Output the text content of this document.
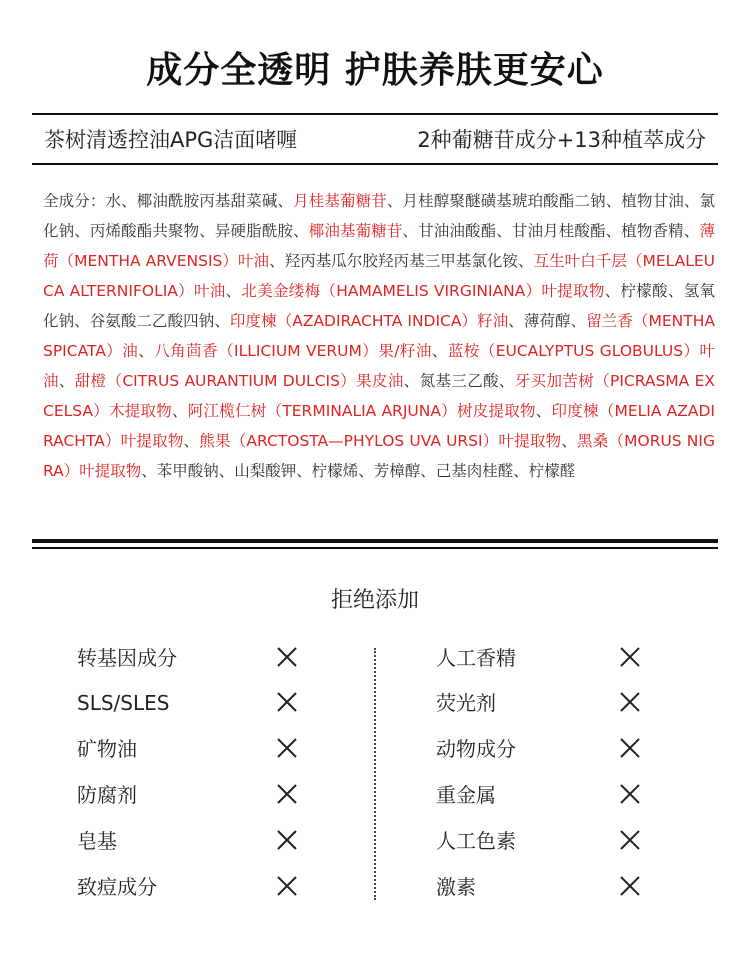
成分全透明 护肤养肤更安心
茶树清透控油APG洁面啫喱	2种葡糖苷成分+13种植萃成分
全成分：水、椰油酰胺丙基甜菜碱、月桂基葡糖苷、月桂醇聚醚磺基琥珀酸酯二钠、植物甘油、氯化钠、丙烯酸酯共聚物、异硬脂酰胺、椰油基葡糖苷、甘油油酸酯、甘油月桂酸酯、植物香精、薄荷（MENTHA ARVENSIS）叶油、羟丙基瓜尔胶羟丙基三甲基氯化铵、互生叶白千层（MELALEUCA ALTERNIFOLIA）叶油、北美金缕梅（HAMAMELIS VIRGINIANA）叶提取物、柠檬酸、氢氧化钠、谷氨酸二乙酸四钠、印度楝（AZADIRACHTA INDICA）籽油、薄荷醇、留兰香（MENTHA SPICATA）油、八角茴香（ILLICIUM VERUM）果/籽油、蓝桉（EUCALYPTUS GLOBULUS）叶油、甜橙（CITRUS AURANTIUM DULCIS）果皮油、氮基三乙酸、牙买加苦树（PICRASMA EXCELSA）木提取物、阿江榄仁树（TERMINALIA ARJUNA）树皮提取物、印度楝（MELIA AZADIRACHTA）叶提取物、熊果（ARCTOSTA—PHYLOS UVA URSI）叶提取物、黑桑（MORUS NIGRA）叶提取物、苯甲酸钠、山梨酸钾、柠檬烯、芳樟醇、己基肉桂醛、柠檬醛
拒绝添加
转基因成分
SLS/SLES
矿物油
防腐剂
皂基
致痘成分
人工香精
荧光剂
动物成分
重金属
人工色素
激素
